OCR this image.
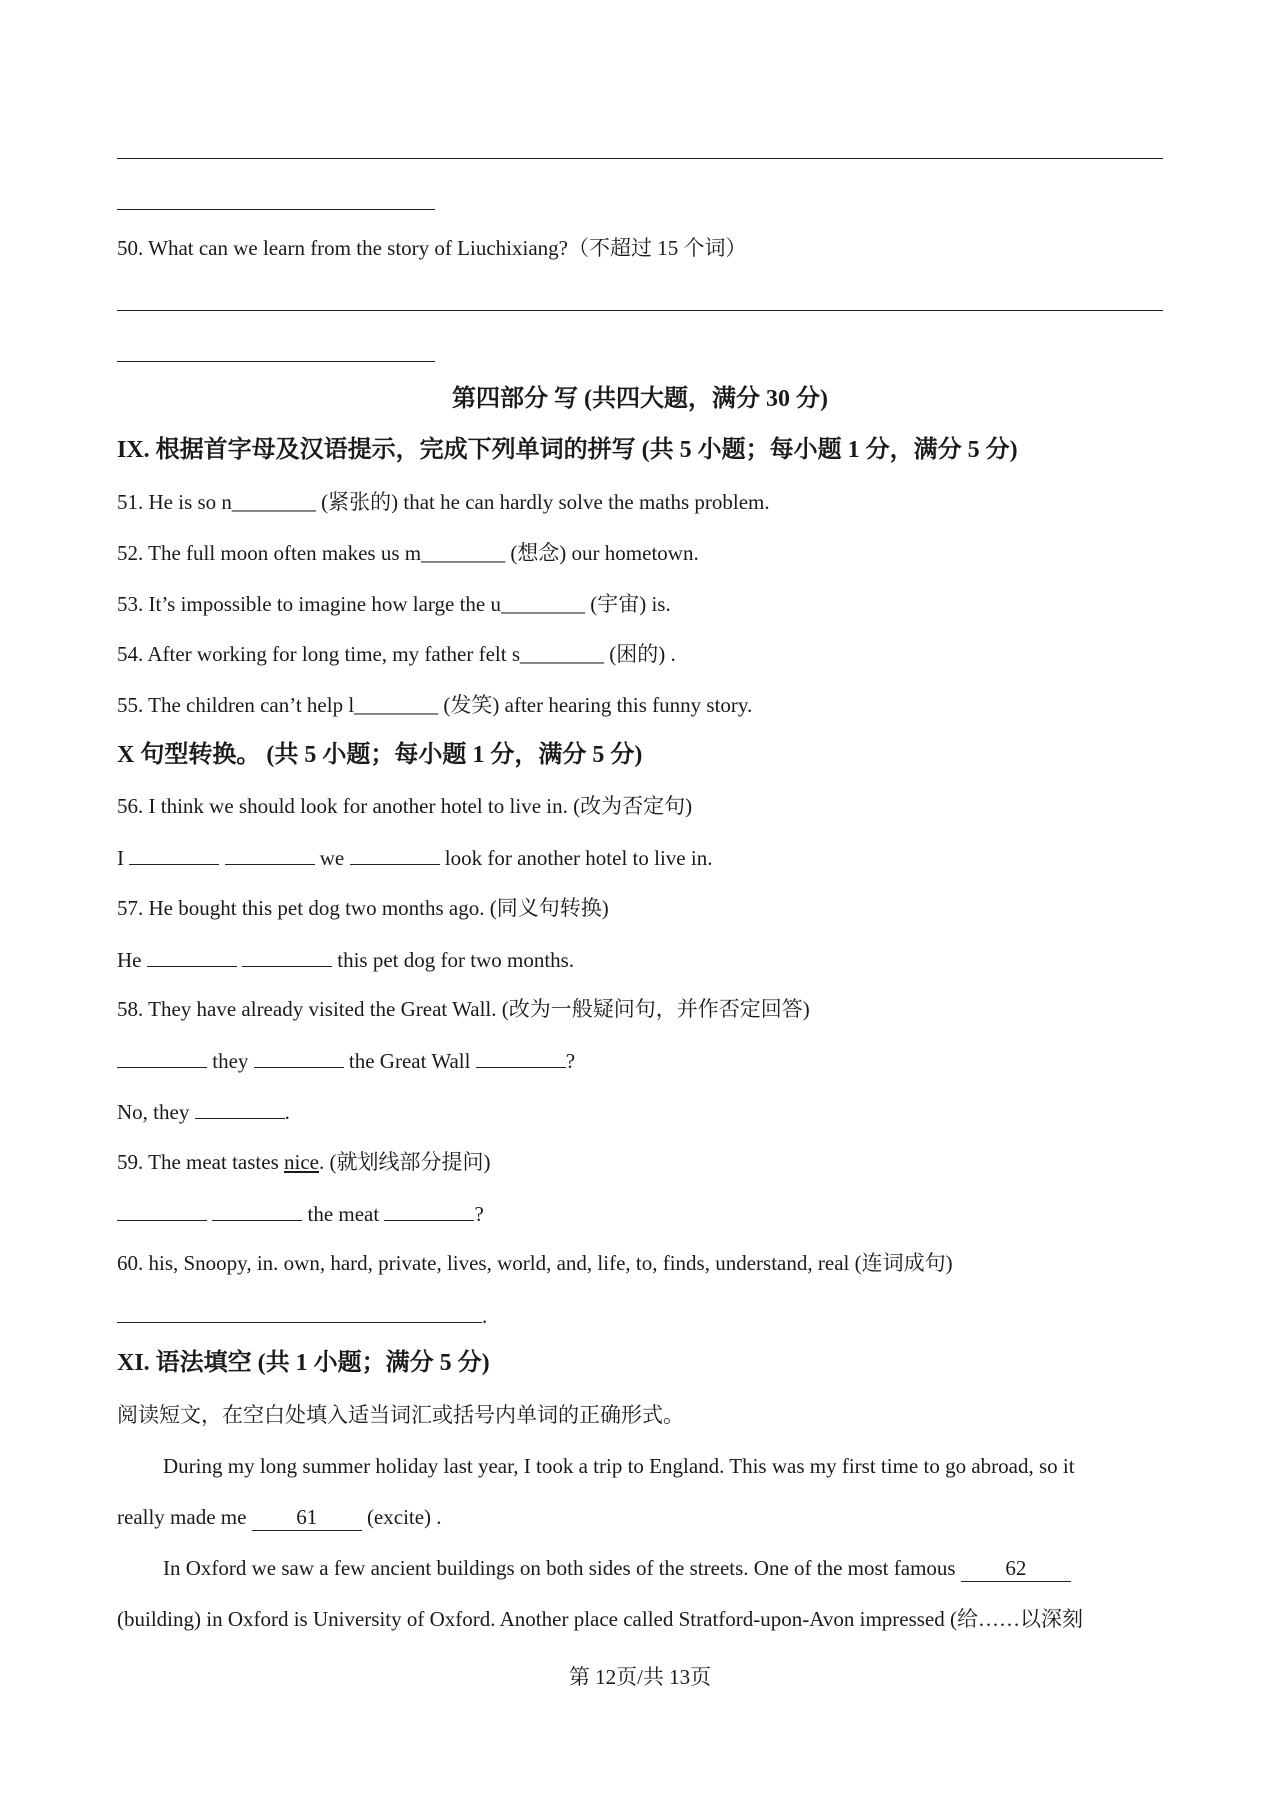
50. What can we learn from the story of Liuchixiang?（不超过 15 个词）
第四部分 写 (共四大题，满分 30 分)
IX. 根据首字母及汉语提示，完成下列单词的拼写 (共 5 小题；每小题 1 分，满分 5 分)
51. He is so n________ (紧张的) that he can hardly solve the maths problem.
52. The full moon often makes us m________ (想念) our hometown.
53. It’s impossible to imagine how large the u________ (宇宙) is.
54. After working for long time, my father felt s________ (困的) .
55. The children can’t help l________ (发笑) after hearing this funny story.
X 句型转换。 (共 5 小题；每小题 1 分，满分 5 分)
56. I think we should look for another hotel to live in. (改为否定句)
I	we	look for another hotel to live in.
57. He bought this pet dog two months ago. (同义句转换)
He	this pet dog for two months.
58. They have already visited the Great Wall. (改为一般疑问句，并作否定回答)
they	the Great Wall	?
No, they	.
59. The meat tastes nice. (就划线部分提问)
the meat	?
60. his, Snoopy, in. own, hard, private, lives, world, and, life, to, finds, understand, real (连词成句)
.
XI. 语法填空 (共 1 小题；满分 5 分)
阅读短文，在空白处填入适当词汇或括号内单词的正确形式。
During my long summer holiday last year, I took a trip to England. This was my first time to go abroad, so it
really made me 61 (excite) .
In Oxford we saw a few ancient buildings on both sides of the streets. One of the most famous 62
(building) in Oxford is University of Oxford. Another place called Stratford-upon-Avon impressed (给……以深刻
第 12页/共 13页
